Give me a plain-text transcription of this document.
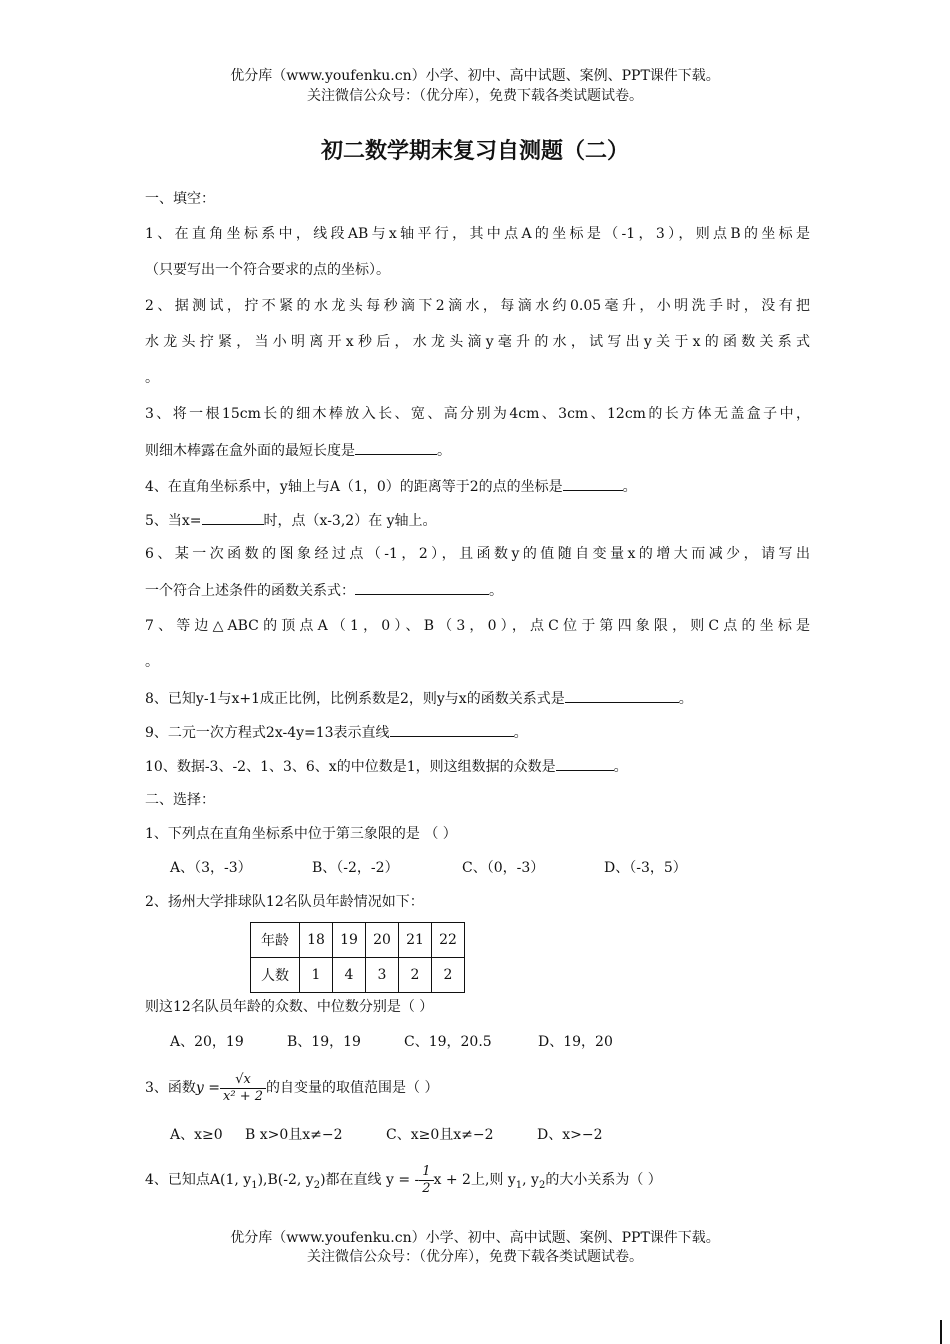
优分库（www.youfenku.cn）小学、初中、高中试题、案例、PPT课件下载。
关注微信公众号：（优分库），免费下载各类试题试卷。
初二数学期末复习自测题（二）
一、填空：
1、在直角坐标系中，线段AB与x轴平行，其中点A的坐标是（-1，3），则点B的坐标是
（只要写出一个符合要求的点的坐标）。
2、据测试，拧不紧的水龙头每秒滴下2滴水，每滴水约0.05毫升，小明洗手时，没有把
水龙头拧紧，当小明离开x秒后，水龙头滴y毫升的水，试写出y关于x的函数关系式
。
3、将一根15cm长的细木棒放入长、宽、高分别为4cm、3cm、12cm的长方体无盖盒子中，
则细木棒露在盒外面的最短长度是	。
4、在直角坐标系中，y轴上与A（1，0）的距离等于2的点的坐标是	。
5、当x=	时，点（x-3,2）在 y轴上。
6、某一次函数的图象经过点（-1，2），且函数y的值随自变量x的增大而减少，请写出
一个符合上述条件的函数关系式：	。
7、等边△ABC的顶点A（1，0）、B（3，0），点C位于第四象限，则C点的坐标是
。
8、已知y-1与x+1成正比例，比例系数是2，则y与x的函数关系式是	。
9、二元一次方程式2x-4y=13表示直线	。
10、数据-3、-2、1、3、6、x的中位数是1，则这组数据的众数是	。
二、选择：
1、下列点在直角坐标系中位于第三象限的是 （ ）
A、（3，-3）	B、（-2，-2）	C、（0，-3）	D、（-3，5）
2、扬州大学排球队12名队员年龄情况如下：
年龄	18	19	20	21	22
人数	1	4	3	2	2
则这12名队员年龄的众数、中位数分别是（ ）
A、20，19	B、19，19	C、19，20.5	D、19，20
3、函数$y = \frac{√x}{\text{x² + 2}}$ 的自变量的取值范围是（ ）
A、x≥0 B x>0且x≠−2	C、x≥0且x≠−2	D、x>−2
4、已知点A(1, $y_1),B(-2$, $y_2$)都在直线 y = - $\frac{1}{2}$ x + 2上,则 $y_1$, $y_2$的大小关系为（ ）
优分库（www.youfenku.cn）小学、初中、高中试题、案例、PPT课件下载。
关注微信公众号：（优分库），免费下载各类试题试卷。
